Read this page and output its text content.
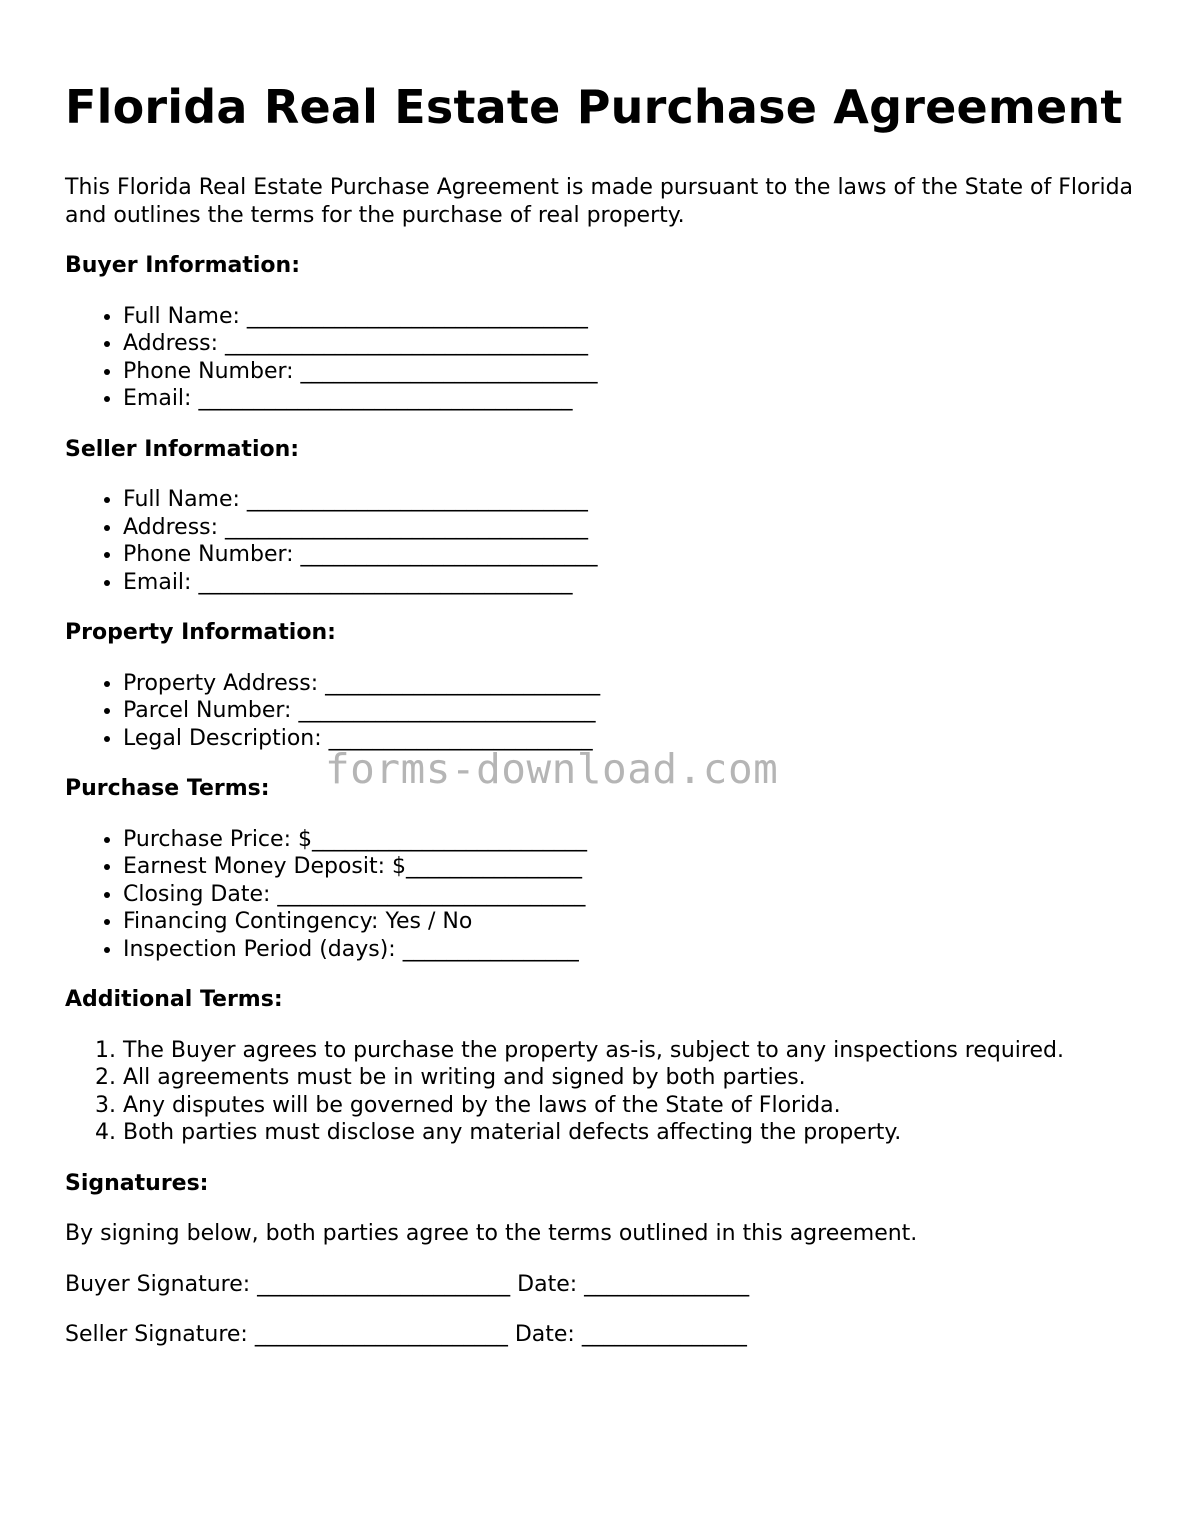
Florida Real Estate Purchase Agreement

This Florida Real Estate Purchase Agreement is made pursuant to the laws of the State of Florida and outlines the terms for the purchase of real property.

Buyer Information:
• Full Name: _______________________________
• Address: _________________________________
• Phone Number: ___________________________
• Email: __________________________________
Seller Information:
• Full Name: _______________________________
• Address: _________________________________
• Phone Number: ___________________________
• Email: __________________________________
Property Information:
• Property Address: _________________________
• Parcel Number: ___________________________
• Legal Description: ________________________
Purchase Terms:
• Purchase Price: $_________________________
• Earnest Money Deposit: $________________
• Closing Date: ____________________________
• Financing Contingency: Yes / No
• Inspection Period (days): ________________
Additional Terms:
1. The Buyer agrees to purchase the property as-is, subject to any inspections required.
2. All agreements must be in writing and signed by both parties.
3. Any disputes will be governed by the laws of the State of Florida.
4. Both parties must disclose any material defects affecting the property.
Signatures:

By signing below, both parties agree to the terms outlined in this agreement.

Buyer Signature: _______________________ Date: _______________

Seller Signature: _______________________ Date: _______________

forms-download.com
